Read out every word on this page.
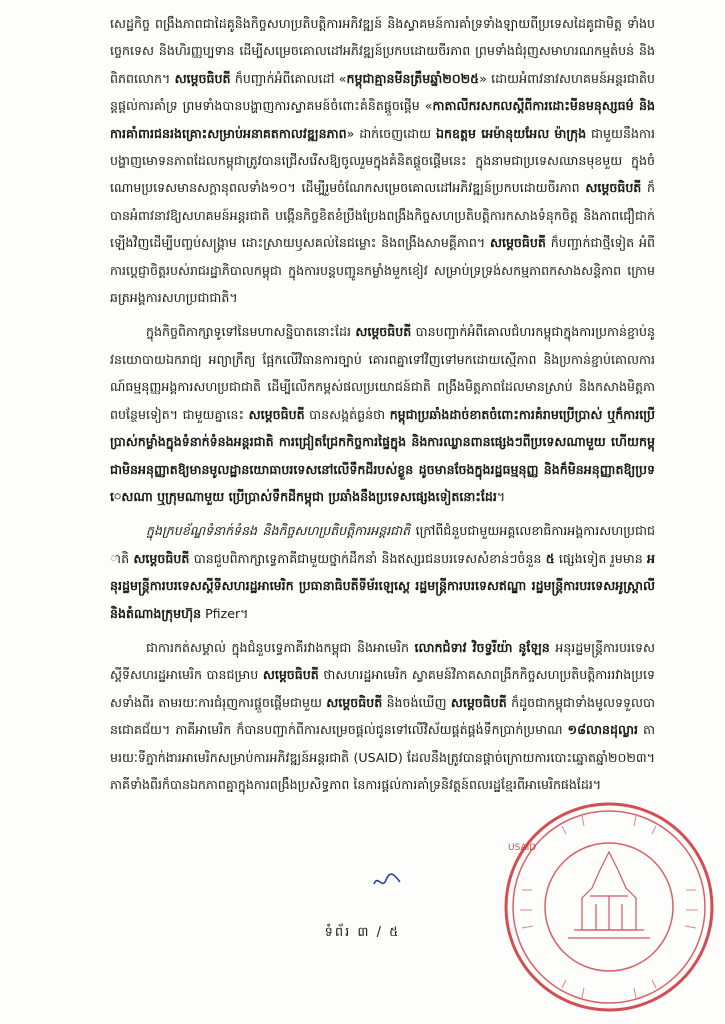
សេដ្ឋកិច្ច ពង្រឹងភាពជាដៃគូនិងកិច្ចសហប្រតិបត្តិការអភិវឌ្ឍន៍ និងស្វាគមន៍ការគាំទ្រទាំងឡាយពីប្រទេសដៃគូជាមិត្ត ទាំងបច្ចេកទេស និងហិរញ្ញប្បទាន ដើម្បីសម្រេចគោលដៅអភិវឌ្ឍន៍ប្រកបដោយចីរភាព ព្រមទាំងជំរុញសមាហរណកម្មតំបន់ និងពិភពលោក។ សម្តេចធិបតី ក៏បញ្ជាក់អំពីគោលដៅ «កម្ពុជាគ្មានមីនត្រឹមឆ្នាំ២០២៥» ដោយអំពាវនាវសហគមន៍អន្តរជាតិបន្តផ្តល់ការគាំទ្រ ព្រមទាំងបានបង្ហាញការស្វាគមន៍ចំពោះគំនិតផ្តួចផ្តើម «កាតាលីករសកលស្តីពីការដោះមីនមនុស្សធម៌ និងការគាំពារជនរងគ្រោះសម្រាប់អនាគតកាលវឌ្ឍនភាព» ដាក់ចេញដោយ ឯកឧត្តម អេម៉ានុយអែល ម៉ាក្រុង ជាមួយនឹងការបង្ហាញមោទនភាពដែលកម្ពុជាត្រូវបានជ្រើសរើសឱ្យចូលរួមក្នុងគំនិតផ្តួចផ្តើមនេះ ក្នុងនាមជាប្រទេសឈានមុខមួយ ក្នុងចំណោមប្រទេសមានសក្តានុពលទាំង១០។ ដើម្បីរួមចំណែកសម្រេចគោលដៅអភិវឌ្ឍន៍ប្រកបដោយចីរភាព សម្តេចធិបតី ក៏បានអំពាវនាវឱ្យសហគមន៍អន្តរជាតិ បង្កើនកិច្ចខិតខំប្រឹងប្រែងពង្រឹងកិច្ចសហប្រតិបត្តិការកសាងទំនុកចិត្ត និងភាពជឿជាក់ឡើងវិញដើម្បីបញ្ចប់សង្គ្រាម ដោះស្រាយឫសគល់នៃជម្លោះ និងពង្រឹងសាមគ្គីភាព។ សម្តេចធិបតី ក៏បញ្ជាក់ជាថ្មីទៀត អំពីការប្តេជ្ញាចិត្តរបស់រាជរដ្ឋាភិបាលកម្ពុជា ក្នុងការបន្តបញ្ជូនកម្លាំងមួកខៀវ សម្រាប់ទ្រទ្រង់សកម្មភាពកសាងសន្តិភាព ក្រោមឆត្រអង្គការសហប្រជាជាតិ។

ក្នុងកិច្ចពិភាក្សាទូទៅនៃមហាសន្និបាតនោះដែរ សម្តេចធិបតី បានបញ្ជាក់អំពីគោលជំហរកម្ពុជាក្នុងការប្រកាន់ខ្ជាប់នូវនយោបាយឯករាជ្យ អព្យាក្រឹត្យ ផ្អែកលើវិធានការច្បាប់ គោរពគ្នាទៅវិញទៅមកដោយស្មើភាព និងប្រកាន់ខ្ជាប់គោលការណ៍ធម្មនុញ្ញអង្គការសហប្រជាជាតិ ដើម្បីលើកកម្ពស់ផលប្រយោជន៍ជាតិ ពង្រឹងមិត្តភាពដែលមានស្រាប់ និងកសាងមិត្តភាពបន្ថែមទៀត។ ជាមួយគ្នានេះ សម្តេចធិបតី បានសង្កត់ធ្ងន់ថា កម្ពុជាប្រឆាំងដាច់ខាតចំពោះការគំរាមប្រើប្រាស់ ឬក៏ការប្រើប្រាស់កម្លាំងក្នុងទំនាក់ទំនងអន្តរជាតិ ការជ្រៀតជ្រែកកិច្ចការផ្ទៃក្នុង និងការឈ្លានពានផ្សេងៗពីប្រទេសណាមួយ ហើយកម្ពុជាមិនអនុញ្ញាតឱ្យមានមូលដ្ឋានយោធាបរទេសនៅលើទឹកដីរបស់ខ្លួន ដូចមានចែងក្នុងរដ្ឋធម្មនុញ្ញ និងក៏មិនអនុញ្ញាតឱ្យប្រទេសណា ឬក្រុមណាមួយ ប្រើប្រាស់ទឹកដីកម្ពុជា ប្រឆាំងនឹងប្រទេសផ្សេងទៀតនោះដែរ។

ក្នុងក្របខ័ណ្ឌទំនាក់ទំនង និងកិច្ចសហប្រតិបត្តិការអន្តរជាតិ ក្រៅពីជំនួបជាមួយអគ្គលេខាធិការអង្គការសហប្រជាជាតិ សម្តេចធិបតី បានជួបពិភាក្សាទ្វេភាគីជាមួយថ្នាក់ដឹកនាំ និងឥស្សរជនបរទេសសំខាន់ៗចំនួន ៥ ផ្សេងទៀត រួមមាន អនុរដ្ឋមន្ត្រីការបរទេសស្តីទីសហរដ្ឋអាមេរិក ប្រធានាធិបតីទីម័រឡេស្តេ រដ្ឋមន្ត្រីការបរទេសឥណ្ឌា រដ្ឋមន្ត្រីការបរទេសអូស្ត្រាលី និងតំណាងក្រុមហ៊ុន Pfizer។

ជាការកត់សម្គាល់ ក្នុងជំនួបទ្វេភាគីរវាងកម្ពុជា និងអាមេរិក លោកជំទាវ វិចទ្វរីយ៉ា នូឡែន អនុរដ្ឋមន្ត្រីការបរទេសស្តីទីសហរដ្ឋអាមេរិក បានជម្រាប សម្តេចធិបតី ថាសហរដ្ឋអាមេរិក ស្វាគមន៍វិភាគសាពង្រីកកិច្ចសហប្រតិបត្តិការរវាងប្រទេសទាំងពីរ តាមរយៈការជំរុញការផ្តួចផ្តើមជាមួយ សម្តេចធិបតី និងចង់ឃើញ សម្តេចធិបតី ក៏ដូចជាកម្ពុជាទាំងមូលទទួលបានជោគជ័យ។ ភាគីអាមេរិក ក៏បានបញ្ជាក់ពីការសម្រេចផ្តល់ជូនទៅលើវិស័យផ្គត់ផ្គង់ទឹកប្រាក់ប្រមាណ ១៨លានដុល្លារ តាមរយៈទីភ្នាក់ងារអាមេរិកសម្រាប់ការអភិវឌ្ឍន៍អន្តរជាតិ (USAID) ដែលនឹងត្រូវបានផ្តាច់ក្រោយការបោះឆ្នោតឆ្នាំ២០២៣។ ភាគីទាំងពីរក៏បានឯកភាពគ្នាក្នុងការពង្រឹងប្រសិទ្ធភាព នៃការផ្ដល់ការគាំទ្រនិវត្តន៍ពលរដ្ឋខ្មែរពីអាមេរិកផងដែរ។

ទំព័រ ៣ / ៥
USAID
